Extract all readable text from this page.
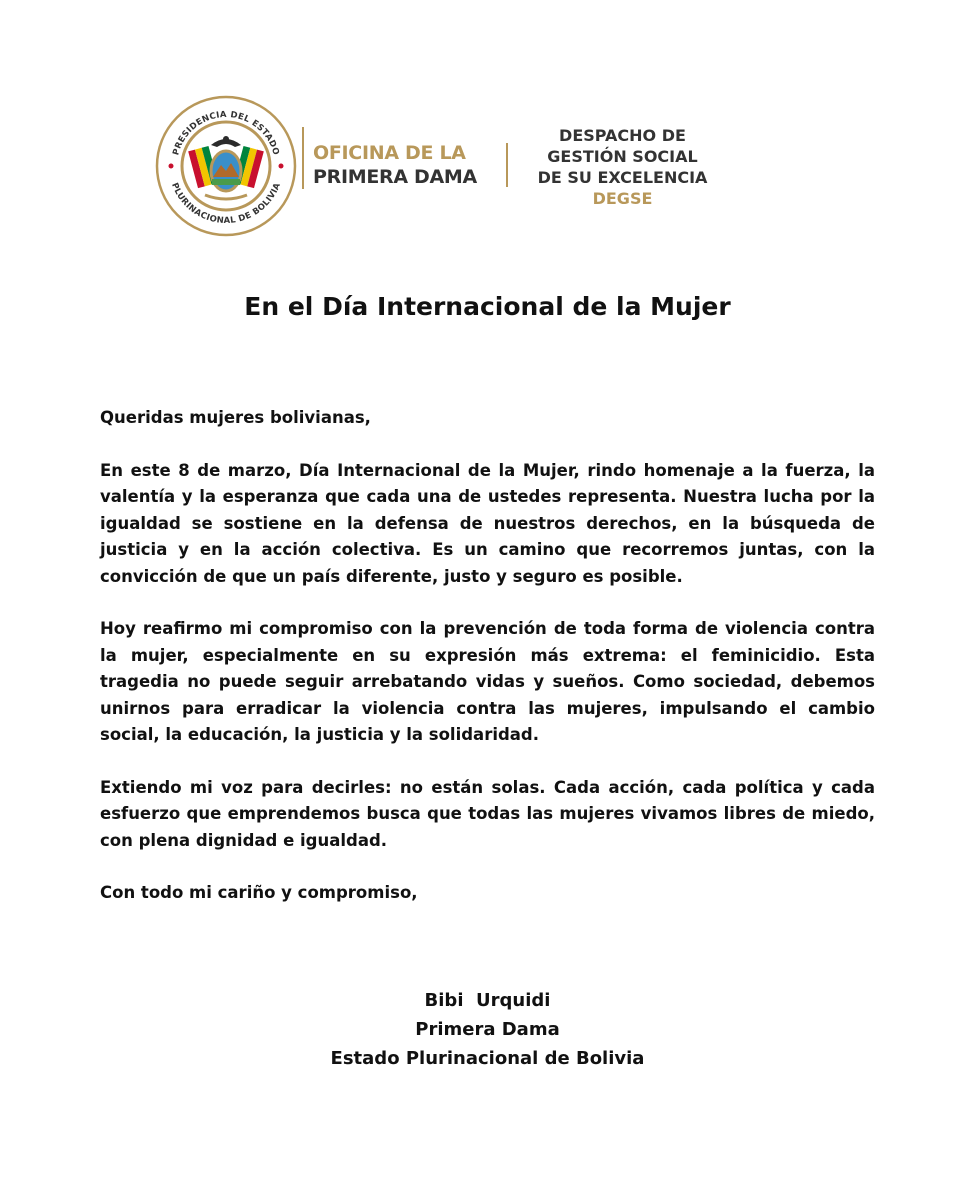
PRESIDENCIA DEL ESTADO
PLURINACIONAL DE BOLIVIA
OFICINA DE LA
PRIMERA DAMA
DESPACHO DE
GESTIÓN SOCIAL
DE SU EXCELENCIA
DEGSE
En el Día Internacional de la Mujer

Queridas mujeres bolivianas,

En este 8 de marzo, Día Internacional de la Mujer, rindo homenaje a la fuerza, la valentía y la esperanza que cada una de ustedes representa. Nuestra lucha por la igualdad se sostiene en la defensa de nuestros derechos, en la búsqueda de justicia y en la acción colectiva. Es un camino que recorremos juntas, con la convicción de que un país diferente, justo y seguro es posible.

Hoy reafirmo mi compromiso con la prevención de toda forma de violencia contra la mujer, especialmente en su expresión más extrema: el feminicidio. Esta tragedia no puede seguir arrebatando vidas y sueños. Como sociedad, debemos unirnos para erradicar la violencia contra las mujeres, impulsando el cambio social, la educación, la justicia y la solidaridad.

Extiendo mi voz para decirles: no están solas. Cada acción, cada política y cada esfuerzo que emprendemos busca que todas las mujeres vivamos libres de miedo, con plena dignidad e igualdad.

Con todo mi cariño y compromiso,

Bibi  Urquidi
Primera Dama
Estado Plurinacional de Bolivia
